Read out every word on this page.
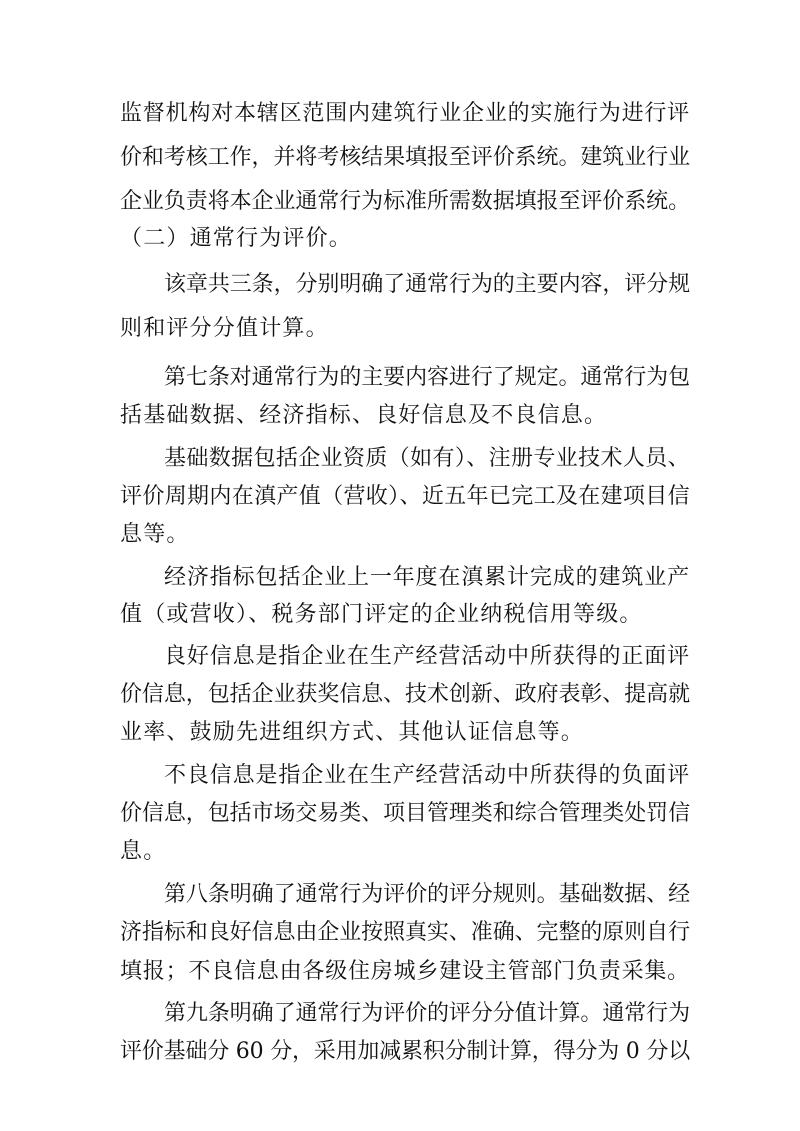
监督机构对本辖区范围内建筑行业企业的实施行为进行评
价和考核工作，并将考核结果填报至评价系统。建筑业行业
企业负责将本企业通常行为标准所需数据填报至评价系统。
（二）通常行为评价。
该章共三条，分别明确了通常行为的主要内容，评分规
则和评分分值计算。
第七条对通常行为的主要内容进行了规定。通常行为包
括基础数据、经济指标、良好信息及不良信息。
基础数据包括企业资质（如有）、注册专业技术人员、
评价周期内在滇产值（营收）、近五年已完工及在建项目信
息等。
经济指标包括企业上一年度在滇累计完成的建筑业产
值（或营收）、税务部门评定的企业纳税信用等级。
良好信息是指企业在生产经营活动中所获得的正面评
价信息，包括企业获奖信息、技术创新、政府表彰、提高就
业率、鼓励先进组织方式、其他认证信息等。
不良信息是指企业在生产经营活动中所获得的负面评
价信息，包括市场交易类、项目管理类和综合管理类处罚信
息。
第八条明确了通常行为评价的评分规则。基础数据、经
济指标和良好信息由企业按照真实、准确、完整的原则自行
填报；不良信息由各级住房城乡建设主管部门负责采集。
第九条明确了通常行为评价的评分分值计算。通常行为
评价基础分 60 分，采用加减累积分制计算，得分为 0 分以
